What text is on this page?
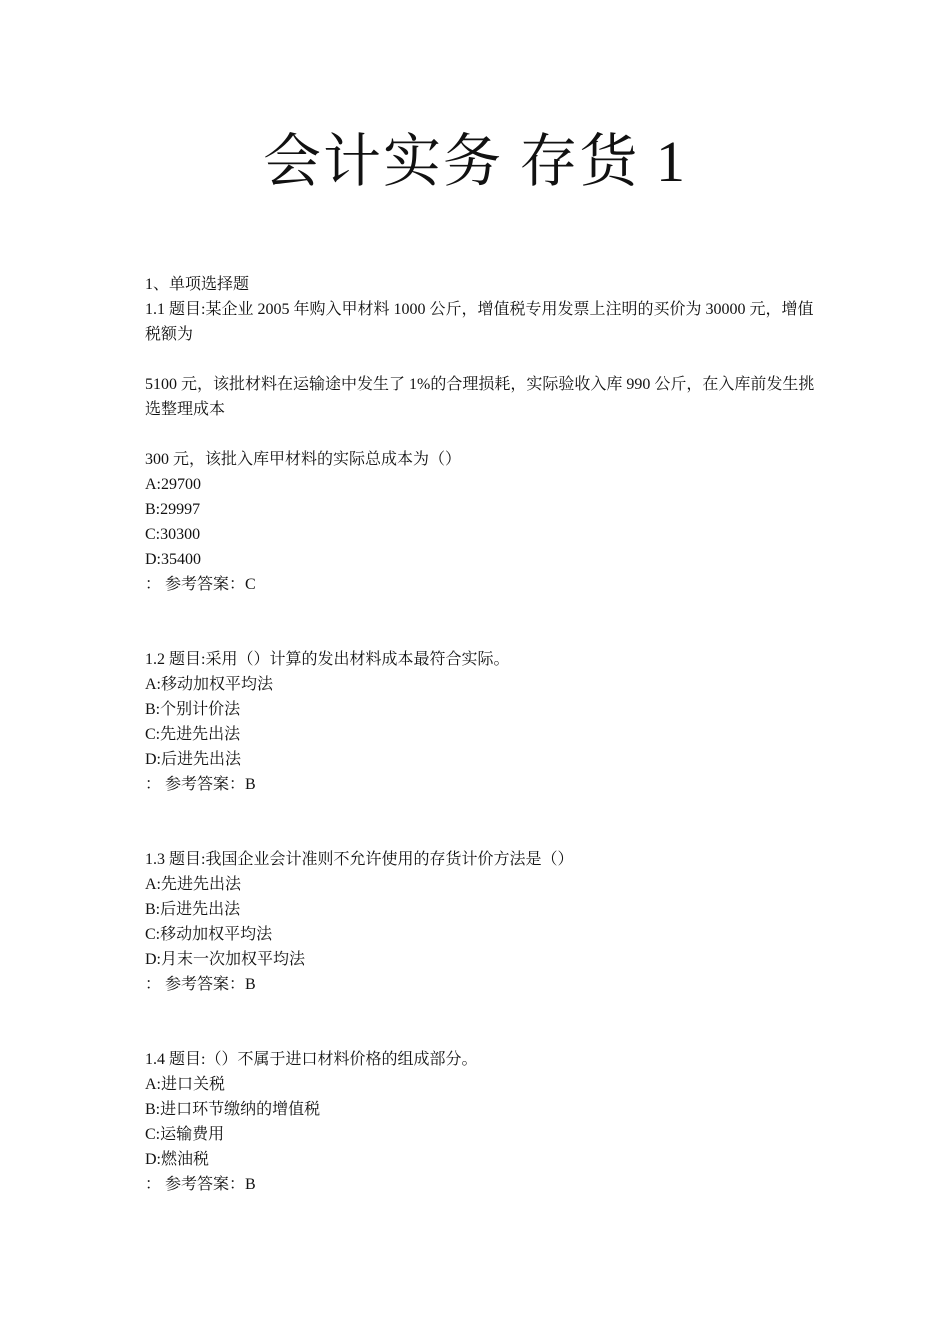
会计实务 存货 1
1、单项选择题
1.1 题目:某企业 2005 年购入甲材料 1000 公斤，增值税专用发票上注明的买价为 30000 元，增值税额为
5100 元，该批材料在运输途中发生了 1%的合理损耗，实际验收入库 990 公斤，在入库前发生挑选整理成本
300 元，该批入库甲材料的实际总成本为（）
A:29700
B:29997
C:30300
D:35400
： 参考答案：C
1.2 题目:采用（）计算的发出材料成本最符合实际。
A:移动加权平均法
B:个别计价法
C:先进先出法
D:后进先出法
： 参考答案：B
1.3 题目:我国企业会计准则不允许使用的存货计价方法是（）
A:先进先出法
B:后进先出法
C:移动加权平均法
D:月末一次加权平均法
： 参考答案：B
1.4 题目:（）不属于进口材料价格的组成部分。
A:进口关税
B:进口环节缴纳的增值税
C:运输费用
D:燃油税
： 参考答案：B
